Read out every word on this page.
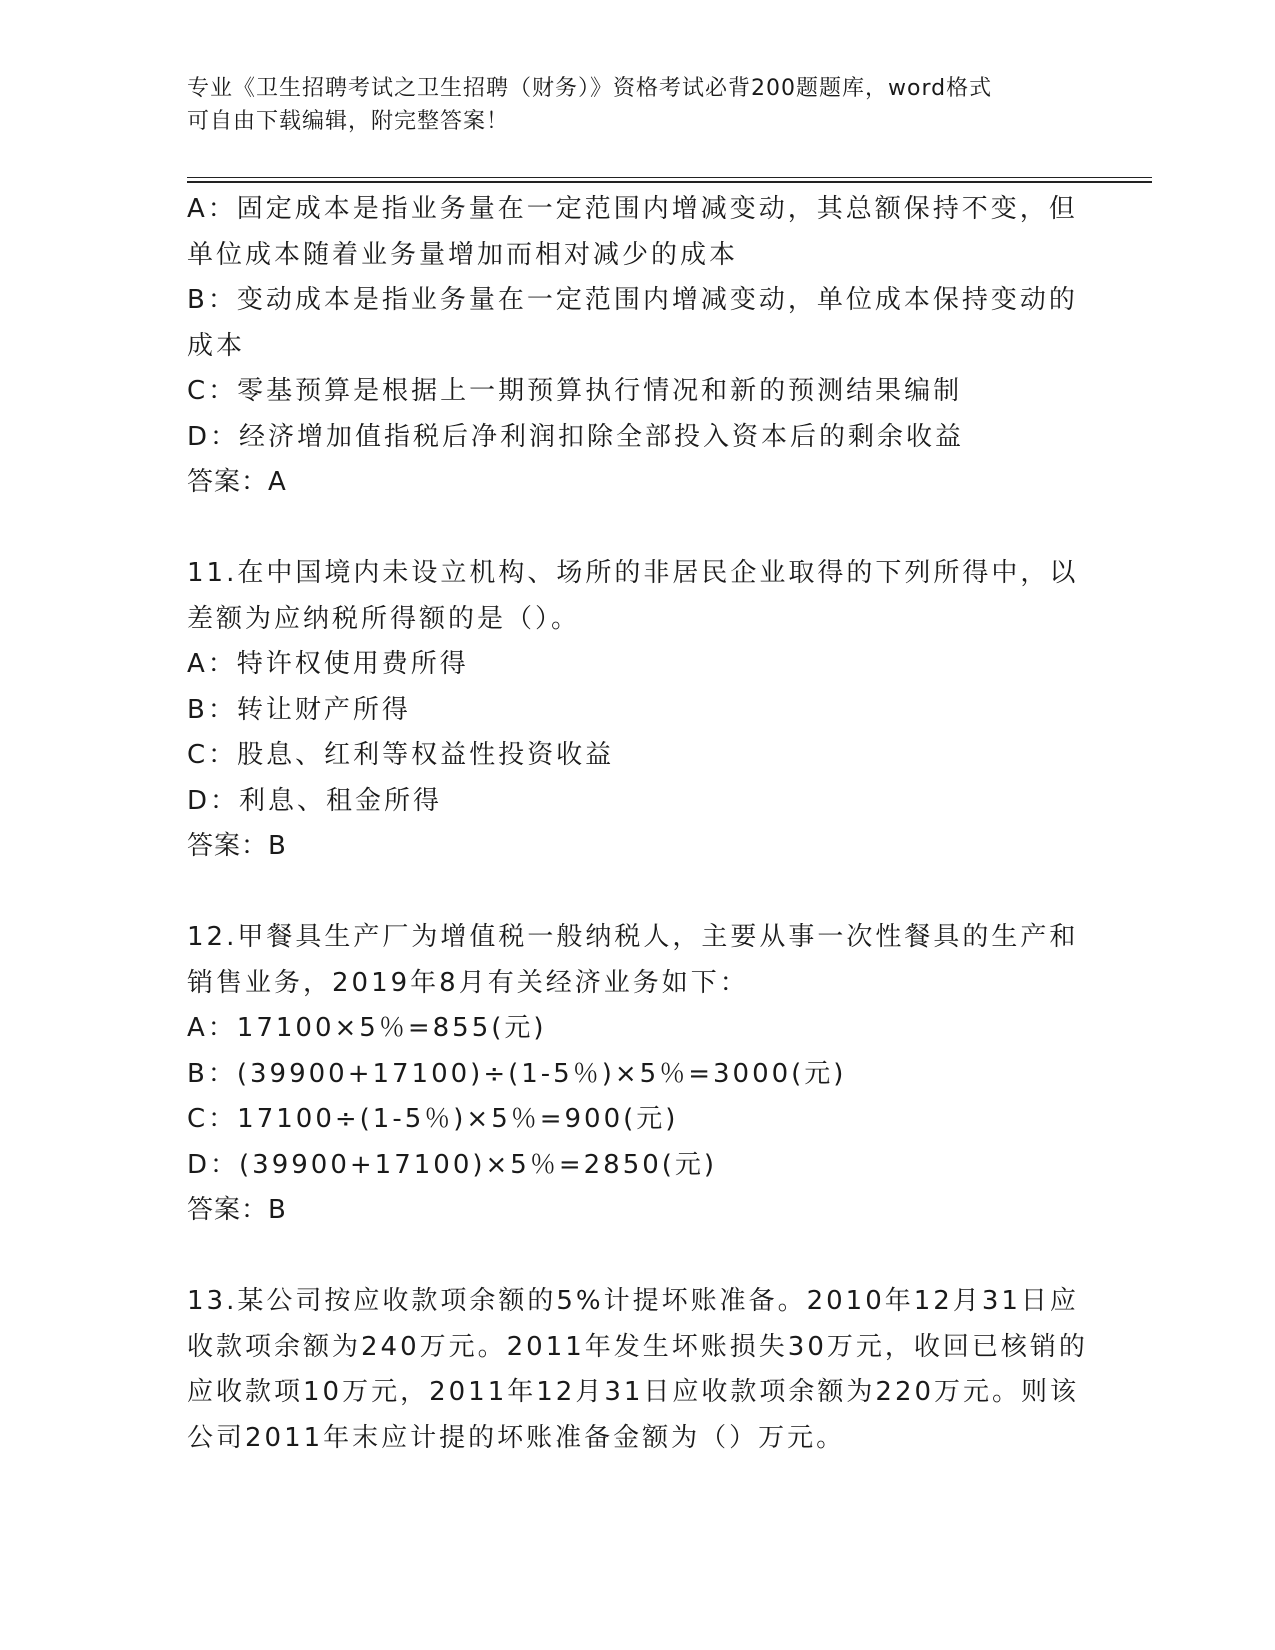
专业《卫生招聘考试之卫生招聘（财务）》资格考试必背200题题库，word格式
可自由下载编辑，附完整答案！
A：固定成本是指业务量在一定范围内增减变动，其总额保持不变，但
单位成本随着业务量增加而相对减少的成本
B：变动成本是指业务量在一定范围内增减变动，单位成本保持变动的
成本
C：零基预算是根据上一期预算执行情况和新的预测结果编制
D：经济增加值指税后净利润扣除全部投入资本后的剩余收益
答案：A
11.在中国境内未设立机构、场所的非居民企业取得的下列所得中，以
差额为应纳税所得额的是（）。
A：特许权使用费所得
B：转让财产所得
C：股息、红利等权益性投资收益
D：利息、租金所得
答案：B
12.甲餐具生产厂为增值税一般纳税人，主要从事一次性餐具的生产和
销售业务，2019年8月有关经济业务如下：
A：17100×5％=855(元)
B：(39900+17100)÷(1-5％)×5％=3000(元)
C：17100÷(1-5％)×5％=900(元)
D：(39900+17100)×5％=2850(元)
答案：B
13.某公司按应收款项余额的5%计提坏账准备。2010年12月31日应
收款项余额为240万元。2011年发生坏账损失30万元，收回已核销的
应收款项10万元，2011年12月31日应收款项余额为220万元。则该
公司2011年末应计提的坏账准备金额为（）万元。
